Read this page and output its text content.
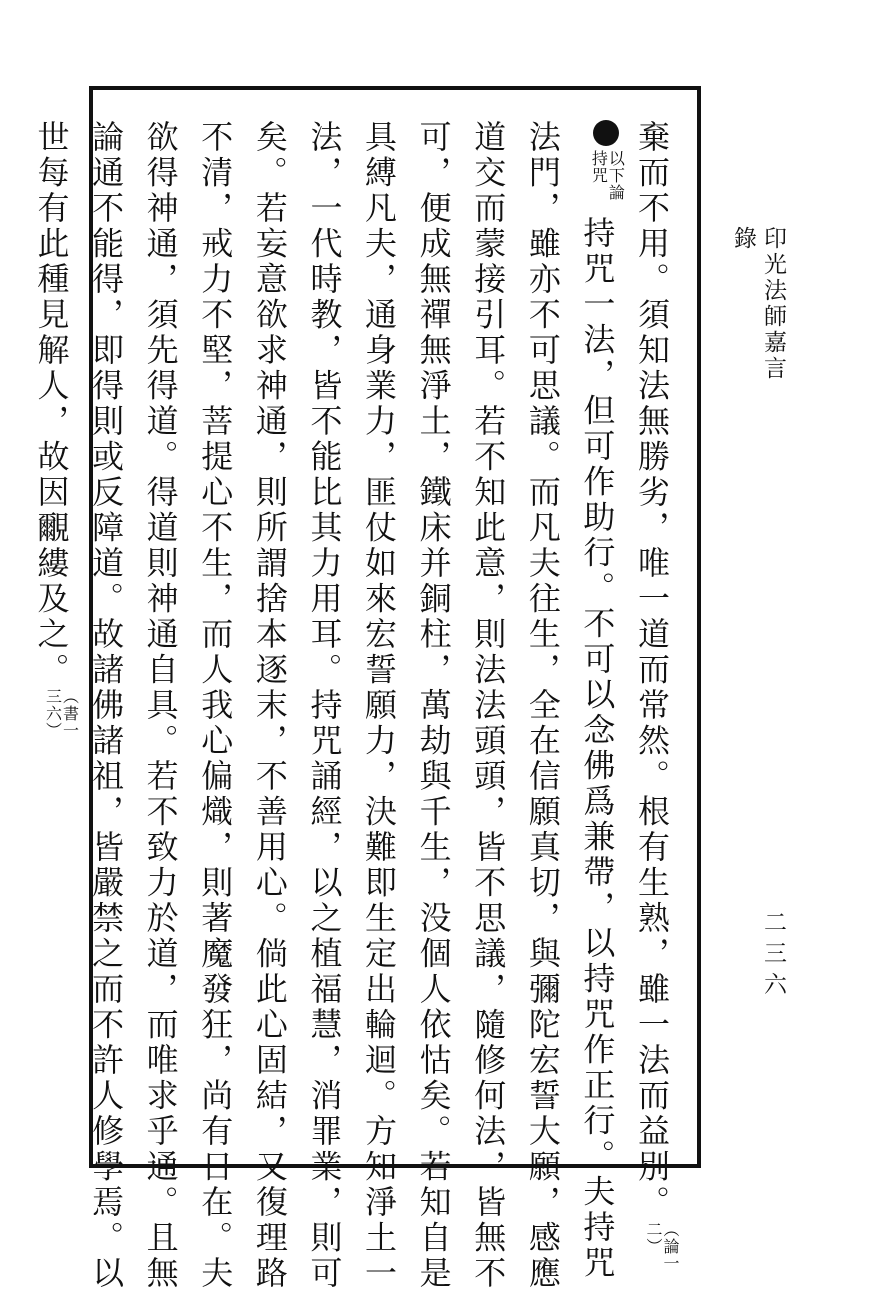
印光法師嘉言錄
二三六
棄而不用。須知法無勝劣，唯一道而常然。根有生熟，雖一法而益別。（論一二）
以下論持咒持咒一法，但可作助行。不可以念佛爲兼帶，以持咒作正行。夫持咒
法門，雖亦不可思議。而凡夫往生，全在信願真切，與彌陀宏誓大願，感應
道交而蒙接引耳。若不知此意，則法法頭頭，皆不思議，隨修何法，皆無不
可，便成無禪無淨土，鐵床并銅柱，萬劫與千生，没個人依怙矣。若知自是
具縛凡夫，通身業力，匪仗如來宏誓願力，決難即生定出輪迴。方知淨土一
法，一代時教，皆不能比其力用耳。持咒誦經，以之植福慧，消罪業，則可
矣。若妄意欲求神通，則所謂捨本逐末，不善用心。倘此心固結，又復理路
不清，戒力不堅，菩提心不生，而人我心偏熾，則著魔發狂，尚有日在。夫
欲得神通，須先得道。得道則神通自具。若不致力於道，而唯求乎通。且無
論通不能得，即得則或反障道。故諸佛諸祖，皆嚴禁之而不許人修學焉。以
世每有此種見解人，故因覼縷及之。（書一三六）
